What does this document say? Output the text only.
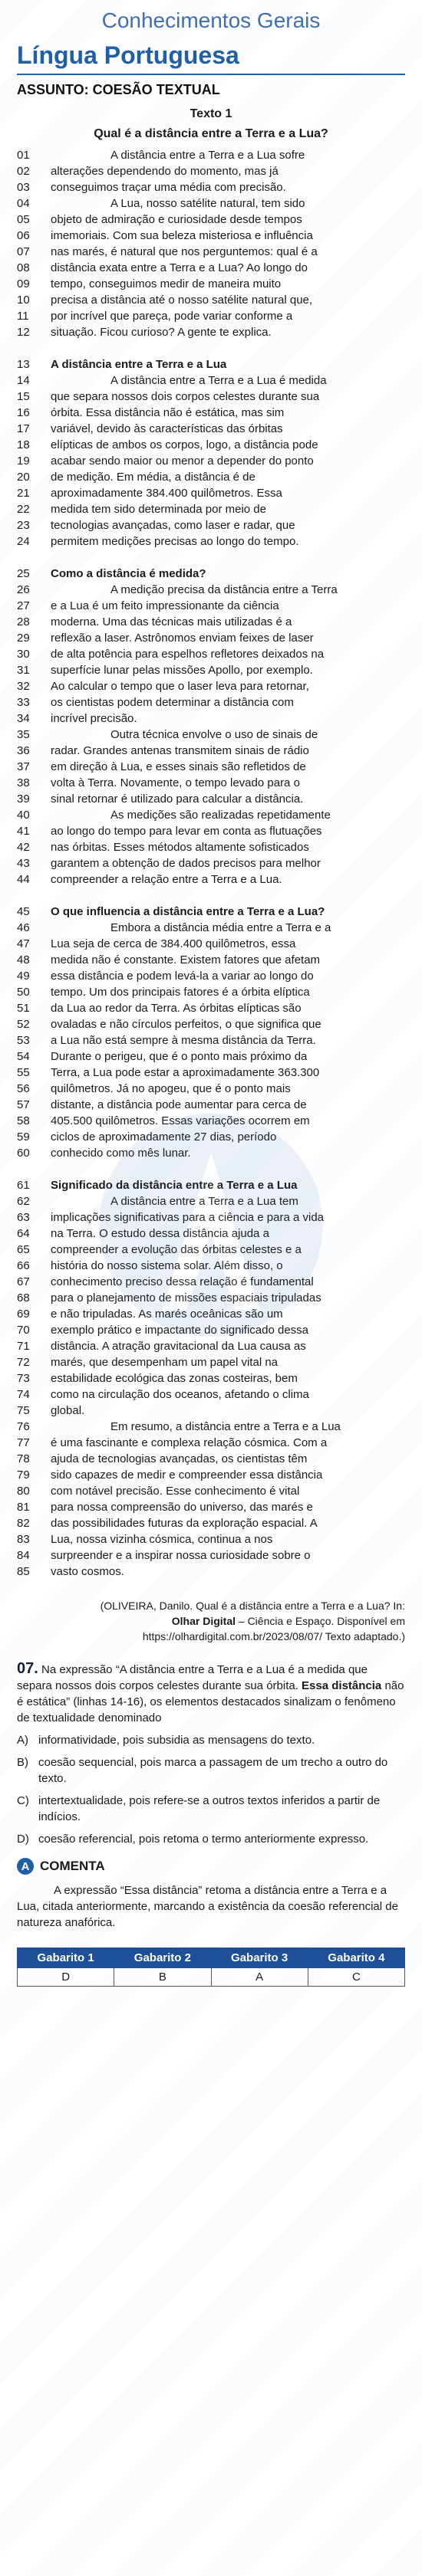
Conhecimentos Gerais
Língua Portuguesa
ASSUNTO: COESÃO TEXTUAL
Texto 1
Qual é a distância entre a Terra e a Lua?
01	A distância entre a Terra e a Lua sofre
02	alterações dependendo do momento, mas já
03	conseguimos traçar uma média com precisão.
04	A Lua, nosso satélite natural, tem sido
05	objeto de admiração e curiosidade desde tempos
06	imemoriais. Com sua beleza misteriosa e influência
07	nas marés, é natural que nos perguntemos: qual é a
08	distância exata entre a Terra e a Lua? Ao longo do
09	tempo, conseguimos medir de maneira muito
10	precisa a distância até o nosso satélite natural que,
11	por incrível que pareça, pode variar conforme a
12	situação. Ficou curioso? A gente te explica.
13	A distância entre a Terra e a Lua
14	A distância entre a Terra e a Lua é medida
15	que separa nossos dois corpos celestes durante sua
16	órbita. Essa distância não é estática, mas sim
17	variável, devido às características das órbitas
18	elípticas de ambos os corpos, logo, a distância pode
19	acabar sendo maior ou menor a depender do ponto
20	de medição. Em média, a distância é de
21	aproximadamente 384.400 quilômetros. Essa
22	medida tem sido determinada por meio de
23	tecnologias avançadas, como laser e radar, que
24	permitem medições precisas ao longo do tempo.
25	Como a distância é medida?
26	A medição precisa da distância entre a Terra
27	e a Lua é um feito impressionante da ciência
28	moderna. Uma das técnicas mais utilizadas é a
29	reflexão a laser. Astrônomos enviam feixes de laser
30	de alta potência para espelhos refletores deixados na
31	superfície lunar pelas missões Apollo, por exemplo.
32	Ao calcular o tempo que o laser leva para retornar,
33	os cientistas podem determinar a distância com
34	incrível precisão.
35	Outra técnica envolve o uso de sinais de
36	radar. Grandes antenas transmitem sinais de rádio
37	em direção à Lua, e esses sinais são refletidos de
38	volta à Terra. Novamente, o tempo levado para o
39	sinal retornar é utilizado para calcular a distância.
40	As medições são realizadas repetidamente
41	ao longo do tempo para levar em conta as flutuações
42	nas órbitas. Esses métodos altamente sofisticados
43	garantem a obtenção de dados precisos para melhor
44	compreender a relação entre a Terra e a Lua.
45	O que influencia a distância entre a Terra e a Lua?
46	Embora a distância média entre a Terra e a
47	Lua seja de cerca de 384.400 quilômetros, essa
48	medida não é constante. Existem fatores que afetam
49	essa distância e podem levá-la a variar ao longo do
50	tempo. Um dos principais fatores é a órbita elíptica
51	da Lua ao redor da Terra. As órbitas elípticas são
52	ovaladas e não círculos perfeitos, o que significa que
53	a Lua não está sempre à mesma distância da Terra.
54	Durante o perigeu, que é o ponto mais próximo da
55	Terra, a Lua pode estar a aproximadamente 363.300
56	quilômetros. Já no apogeu, que é o ponto mais
57	distante, a distância pode aumentar para cerca de
58	405.500 quilômetros. Essas variações ocorrem em
59	ciclos de aproximadamente 27 dias, período
60	conhecido como mês lunar.
61	Significado da distância entre a Terra e a Lua
62	A distância entre a Terra e a Lua tem
63	implicações significativas para a ciência e para a vida
64	na Terra. O estudo dessa distância ajuda a
65	compreender a evolução das órbitas celestes e a
66	história do nosso sistema solar. Além disso, o
67	conhecimento preciso dessa relação é fundamental
68	para o planejamento de missões espaciais tripuladas
69	e não tripuladas. As marés oceânicas são um
70	exemplo prático e impactante do significado dessa
71	distância. A atração gravitacional da Lua causa as
72	marés, que desempenham um papel vital na
73	estabilidade ecológica das zonas costeiras, bem
74	como na circulação dos oceanos, afetando o clima
75	global.
76	Em resumo, a distância entre a Terra e a Lua
77	é uma fascinante e complexa relação cósmica. Com a
78	ajuda de tecnologias avançadas, os cientistas têm
79	sido capazes de medir e compreender essa distância
80	com notável precisão. Esse conhecimento é vital
81	para nossa compreensão do universo, das marés e
82	das possibilidades futuras da exploração espacial. A
83	Lua, nossa vizinha cósmica, continua a nos
84	surpreender e a inspirar nossa curiosidade sobre o
85	vasto cosmos.
(OLIVEIRA, Danilo. Qual é a distância entre a Terra e a Lua? In:
Olhar Digital – Ciência e Espaço. Disponível em
https://olhardigital.com.br/2023/08/07/ Texto adaptado.)
07. Na expressão “A distância entre a Terra e a Lua é a medida que separa nossos dois corpos celestes durante sua órbita. Essa distância não é estática” (linhas 14-16), os elementos destacados sinalizam o fenômeno de textualidade denominado
A) informatividade, pois subsidia as mensagens do texto.
B) coesão sequencial, pois marca a passagem de um trecho a outro do texto.
C) intertextualidade, pois refere-se a outros textos inferidos a partir de indícios.
D) coesão referencial, pois retoma o termo anteriormente expresso.
A COMENTA
A expressão “Essa distância” retoma a distância entre a Terra e a Lua, citada anteriormente, marcando a existência da coesão referencial de natureza anafórica.
Gabarito 1	Gabarito 2	Gabarito 3	Gabarito 4
D	B	A	C
